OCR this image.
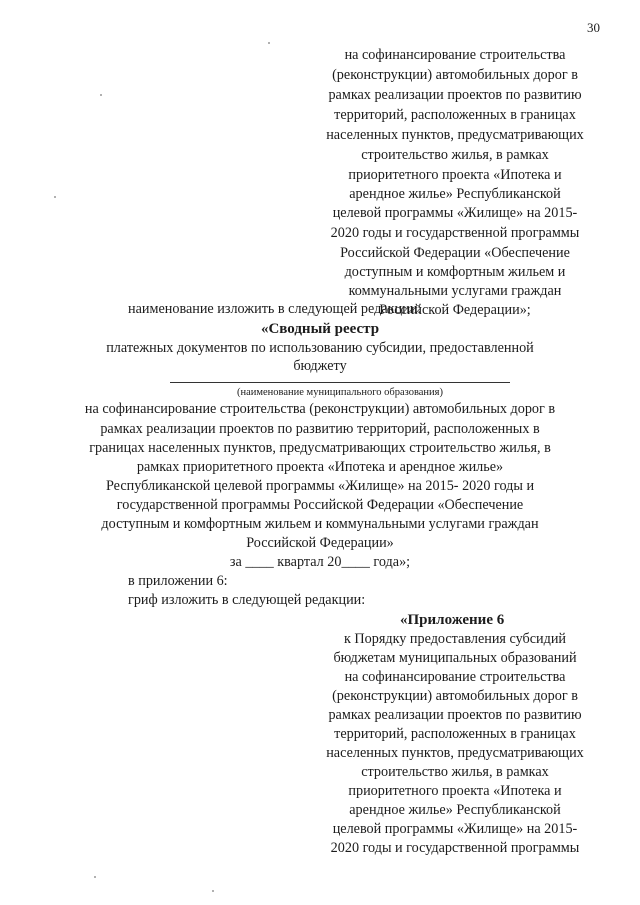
30
на софинансирование строительства
(реконструкции) автомобильных дорог в
рамках реализации проектов по развитию
территорий, расположенных в границах
населенных пунктов, предусматривающих
строительство жилья, в рамках
приоритетного проекта «Ипотека и
арендное жилье» Республиканской
целевой программы «Жилище» на 2015-
2020 годы и государственной программы
Российской Федерации «Обеспечение
доступным и комфортным жильем и
коммунальными услугами граждан
Российской Федерации»;
наименование изложить в следующей редакции:
«Сводный реестр
платежных документов по использованию субсидии, предоставленной
бюджету
(наименование муниципального образования)
на софинансирование строительства (реконструкции) автомобильных дорог в
рамках реализации проектов по развитию территорий, расположенных в
границах населенных пунктов, предусматривающих строительство жилья, в
рамках приоритетного проекта «Ипотека и арендное жилье»
Республиканской целевой программы «Жилище» на 2015- 2020 годы и
государственной программы Российской Федерации «Обеспечение
доступным и комфортным жильем и коммунальными услугами граждан
Российской Федерации»
за ____ квартал 20____ года»;
в приложении 6:
гриф изложить в следующей редакции:
«Приложение 6
к Порядку предоставления субсидий
бюджетам муниципальных образований
на софинансирование строительства
(реконструкции) автомобильных дорог в
рамках реализации проектов по развитию
территорий, расположенных в границах
населенных пунктов, предусматривающих
строительство жилья, в рамках
приоритетного проекта «Ипотека и
арендное жилье» Республиканской
целевой программы «Жилище» на 2015-
2020 годы и государственной программы
